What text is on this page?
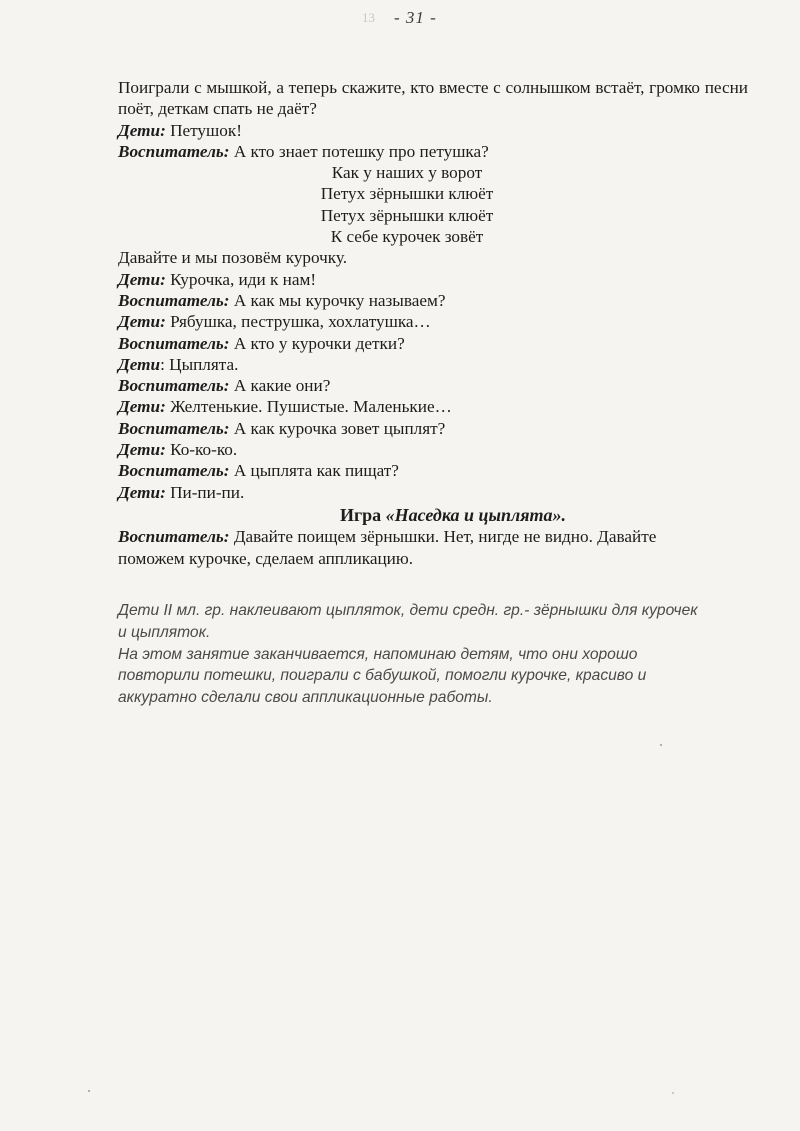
13 - 31 -

Поиграли с мышкой, а теперь скажите, кто вместе с солнышком встаёт, громко песни поёт, деткам спать не даёт?

Дети: Петушок!

Воспитатель: А кто знает потешку про петушка?

Как у наших у ворот

Петух зёрнышки клюёт

Петух зёрнышки клюёт

К себе курочек зовёт

Давайте и мы позовём курочку.

Дети: Курочка, иди к нам!

Воспитатель: А как мы курочку называем?

Дети: Рябушка, пеструшка, хохлатушка…

Воспитатель: А кто у курочки детки?

Дети: Цыплята.

Воспитатель: А какие они?

Дети: Желтенькие. Пушистые. Маленькие…

Воспитатель: А как курочка зовет цыплят?

Дети: Ко-ко-ко.

Воспитатель: А цыплята как пищат?

Дети: Пи-пи-пи.

Игра «Наседка и цыплята».

Воспитатель: Давайте поищем зёрнышки. Нет, нигде не видно. Давайте

поможем курочке, сделаем аппликацию.

Дети II мл. гр. наклеивают цыпляток, дети средн. гр.- зёрнышки для курочек

и цыпляток.

На этом занятие заканчивается, напоминаю детям, что они хорошо

повторили потешки, поиграли с бабушкой, помогли курочке, красиво и

аккуратно сделали свои аппликационные работы.
